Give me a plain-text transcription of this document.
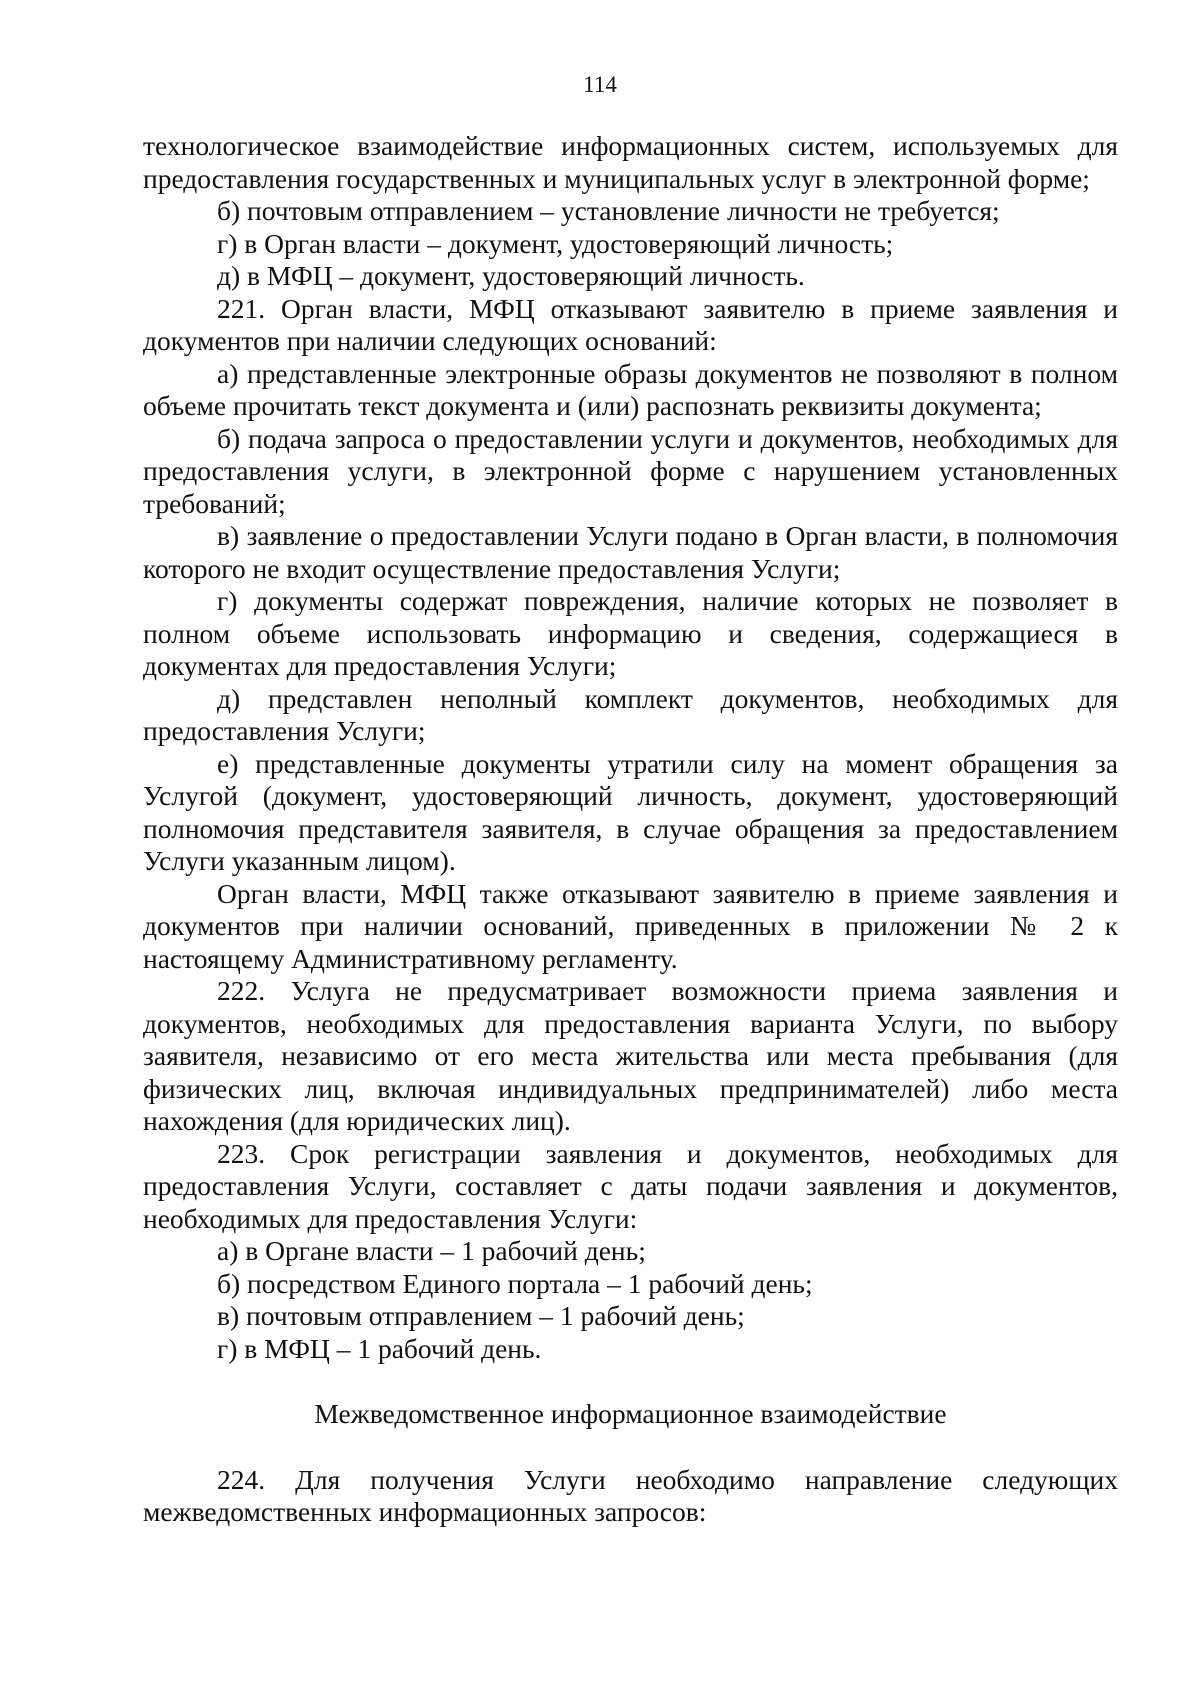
114

технологическое взаимодействие информационных систем, используемых для предоставления государственных и муниципальных услуг в электронной форме;

б) почтовым отправлением – установление личности не требуется;

г) в Орган власти – документ, удостоверяющий личность;

д) в МФЦ – документ, удостоверяющий личность.

221. Орган власти, МФЦ отказывают заявителю в приеме заявления и документов при наличии следующих оснований:

а) представленные электронные образы документов не позволяют в полном объеме прочитать текст документа и (или) распознать реквизиты документа;

б) подача запроса о предоставлении услуги и документов, необходимых для предоставления услуги, в электронной форме с нарушением установленных требований;

в) заявление о предоставлении Услуги подано в Орган власти, в полномочия которого не входит осуществление предоставления Услуги;

г) документы содержат повреждения, наличие которых не позволяет в полном объеме использовать информацию и сведения, содержащиеся в документах для предоставления Услуги;

д) представлен неполный комплект документов, необходимых для предоставления Услуги;

е) представленные документы утратили силу на момент обращения за Услугой (документ, удостоверяющий личность, документ, удостоверяющий полномочия представителя заявителя, в случае обращения за предоставлением Услуги указанным лицом).

Орган власти, МФЦ также отказывают заявителю в приеме заявления и документов при наличии оснований, приведенных в приложении № 2 к настоящему Административному регламенту.

222. Услуга не предусматривает возможности приема заявления и документов, необходимых для предоставления варианта Услуги, по выбору заявителя, независимо от его места жительства или места пребывания (для физических лиц, включая индивидуальных предпринимателей) либо места нахождения (для юридических лиц).

223. Срок регистрации заявления и документов, необходимых для предоставления Услуги, составляет с даты подачи заявления и документов, необходимых для предоставления Услуги:

а) в Органе власти – 1 рабочий день;

б) посредством Единого портала – 1 рабочий день;

в) почтовым отправлением – 1 рабочий день;

г) в МФЦ – 1 рабочий день.

Межведомственное информационное взаимодействие

224. Для получения Услуги необходимо направление следующих межведомственных информационных запросов:
